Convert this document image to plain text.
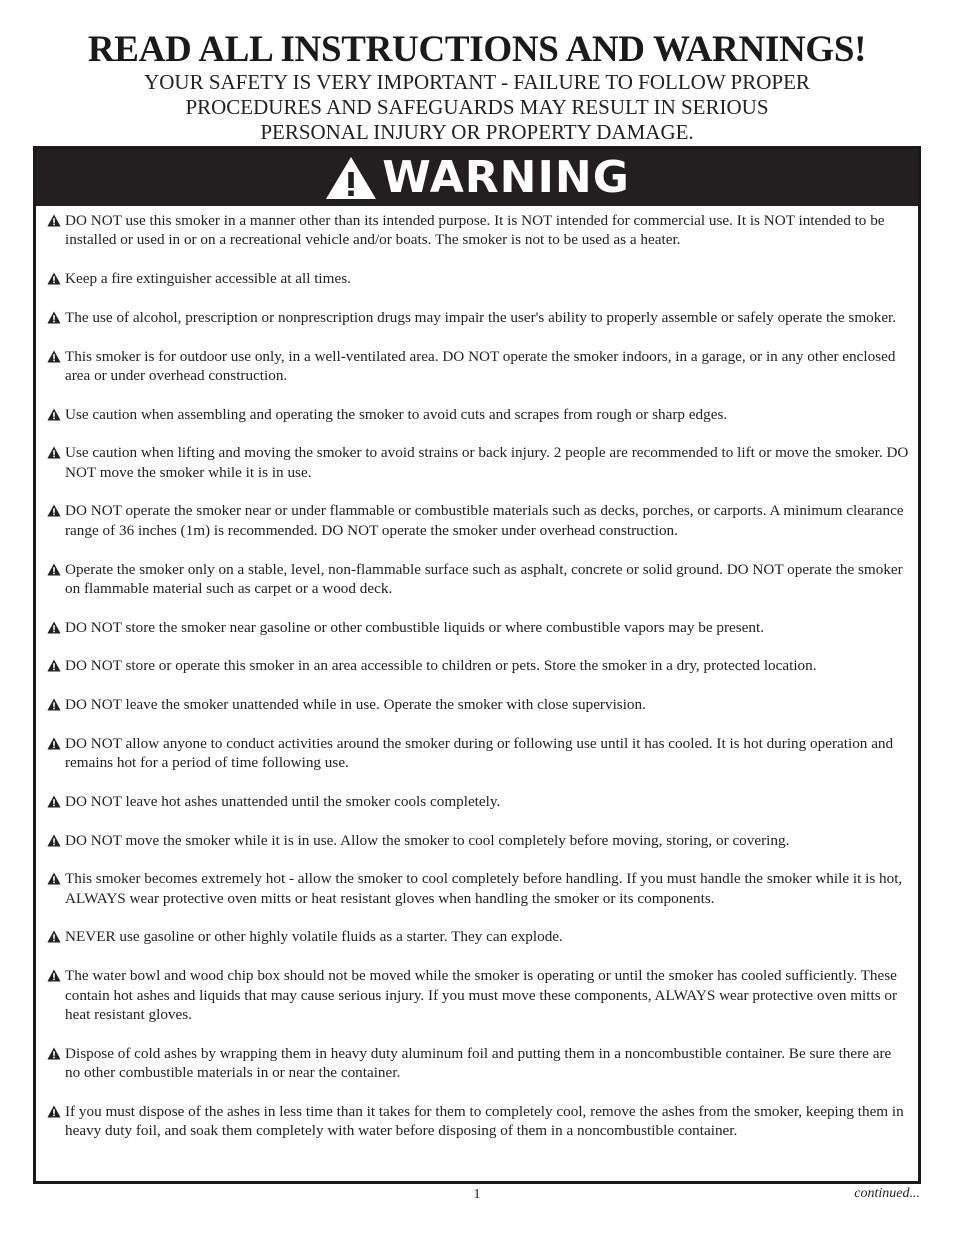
READ ALL INSTRUCTIONS AND WARNINGS!
YOUR SAFETY IS VERY IMPORTANT - FAILURE TO FOLLOW PROPER
PROCEDURES AND SAFEGUARDS MAY RESULT IN SERIOUS
PERSONAL INJURY OR PROPERTY DAMAGE.
WARNING
DO NOT use this smoker in a manner other than its intended purpose. It is NOT intended for commercial use. It is NOT intended to be installed or used in or on a recreational vehicle and/or boats. The smoker is not to be used as a heater.
Keep a fire extinguisher accessible at all times.
The use of alcohol, prescription or nonprescription drugs may impair the user's ability to properly assemble or safely operate the smoker.
This smoker is for outdoor use only, in a well-ventilated area. DO NOT operate the smoker indoors, in a garage, or in any other enclosed area or under overhead construction.
Use caution when assembling and operating the smoker to avoid cuts and scrapes from rough or sharp edges.
Use caution when lifting and moving the smoker to avoid strains or back injury. 2 people are recommended to lift or move the smoker. DO NOT move the smoker while it is in use.
DO NOT operate the smoker near or under flammable or combustible materials such as decks, porches, or carports. A minimum clearance range of 36 inches (1m) is recommended. DO NOT operate the smoker under overhead construction.
Operate the smoker only on a stable, level, non-flammable surface such as asphalt, concrete or solid ground. DO NOT operate the smoker on flammable material such as carpet or a wood deck.
DO NOT store the smoker near gasoline or other combustible liquids or where combustible vapors may be present.
DO NOT store or operate this smoker in an area accessible to children or pets. Store the smoker in a dry, protected location.
DO NOT leave the smoker unattended while in use. Operate the smoker with close supervision.
DO NOT allow anyone to conduct activities around the smoker during or following use until it has cooled. It is hot during operation and remains hot for a period of time following use.
DO NOT leave hot ashes unattended until the smoker cools completely.
DO NOT move the smoker while it is in use. Allow the smoker to cool completely before moving, storing, or covering.
This smoker becomes extremely hot - allow the smoker to cool completely before handling. If you must handle the smoker while it is hot, ALWAYS wear protective oven mitts or heat resistant gloves when handling the smoker or its components.
NEVER use gasoline or other highly volatile fluids as a starter. They can explode.
The water bowl and wood chip box should not be moved while the smoker is operating or until the smoker has cooled sufficiently. These contain hot ashes and liquids that may cause serious injury. If you must move these components, ALWAYS wear protective oven mitts or heat resistant gloves.
Dispose of cold ashes by wrapping them in heavy duty aluminum foil and putting them in a noncombustible container. Be sure there are no other combustible materials in or near the container.
If you must dispose of the ashes in less time than it takes for them to completely cool, remove the ashes from the smoker, keeping them in heavy duty foil, and soak them completely with water before disposing of them in a noncombustible container.
1	continued...
